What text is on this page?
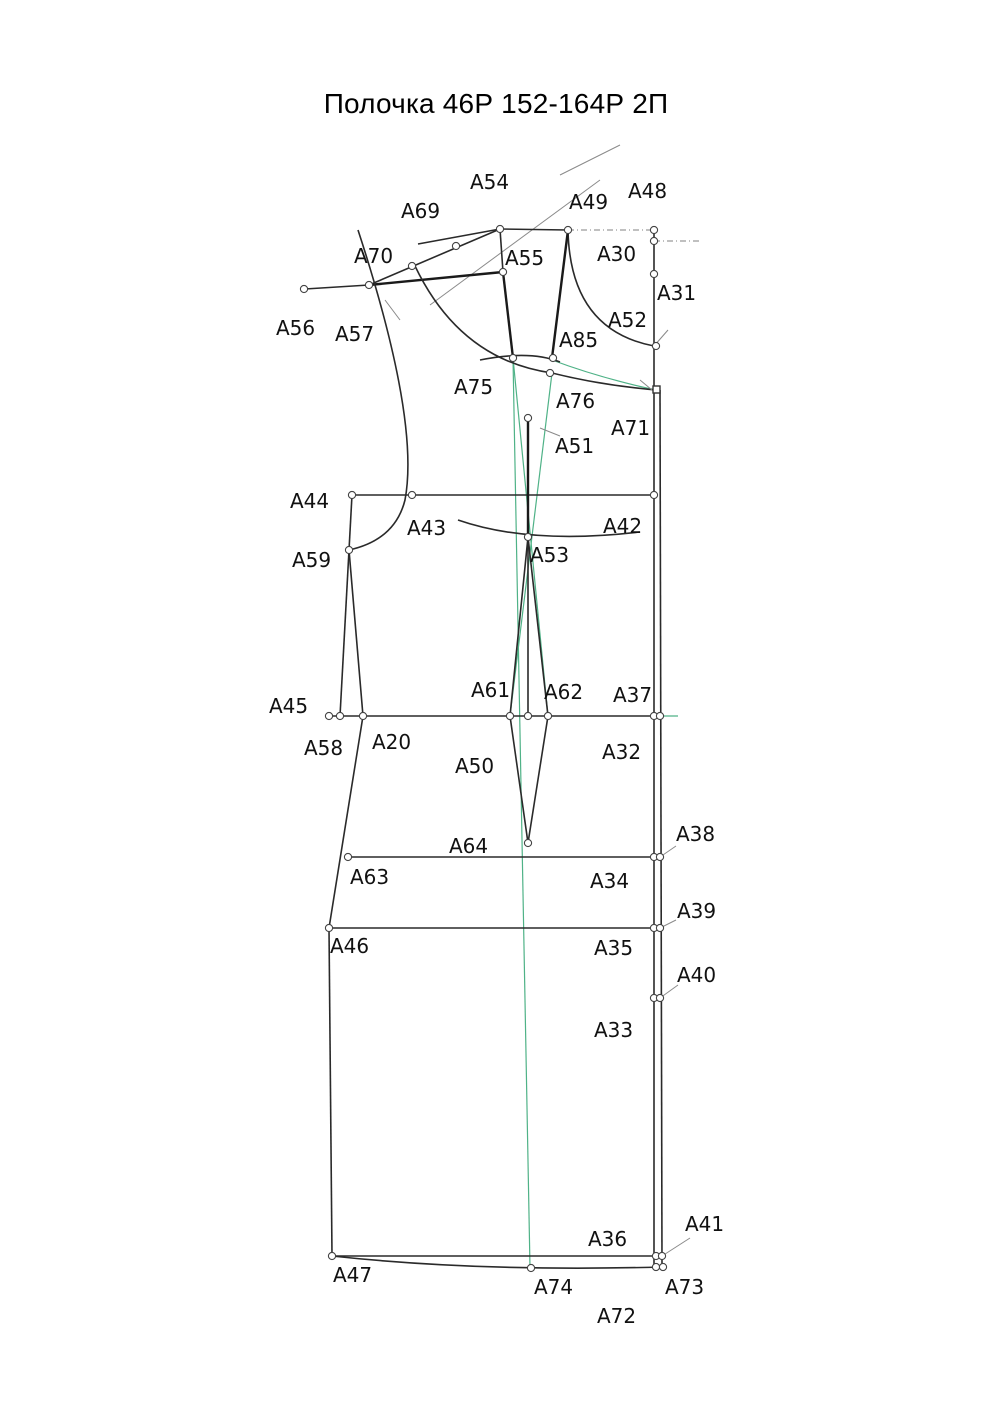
Полочка 46Р 152-164Р 2П
A54	A48
A49
A69
A30
A70	A55
A31
A56 A57
A52
A85
A75
A76
A71
A51
A44
A43	A42
A53
A59
A45
A61 A62 A37
A58 A20	A32
A50
A38
A64
A63	A34
A39
A46	A35
A40
A33
A41
A36
A47	A74	A73
A72
